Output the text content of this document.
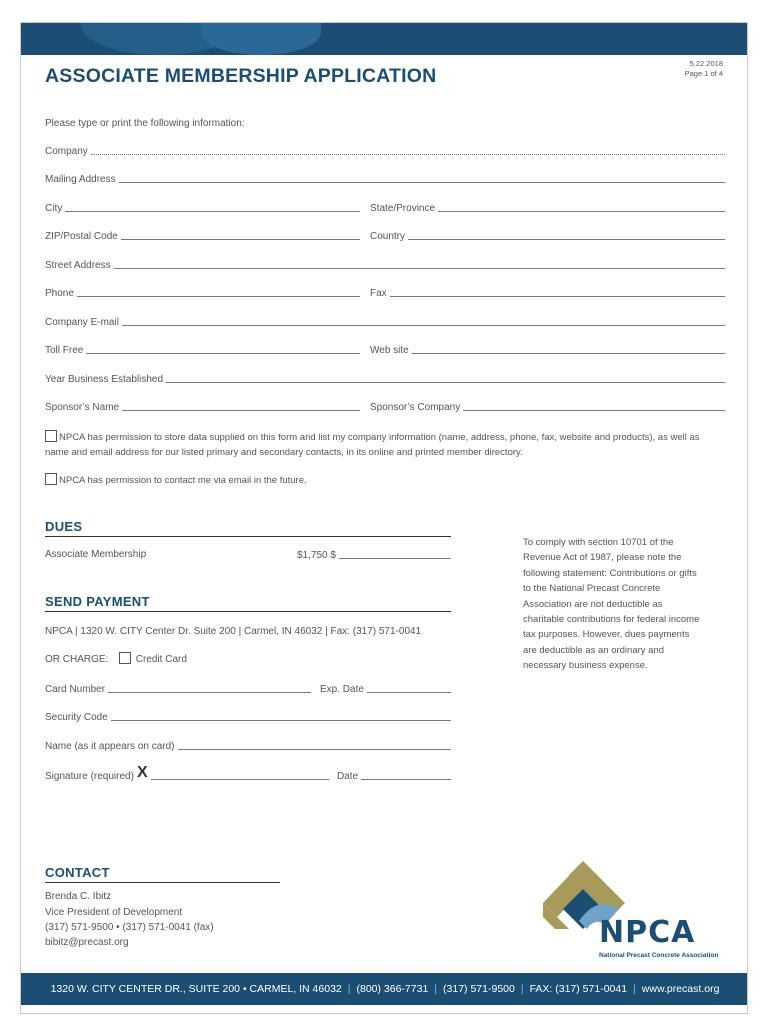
ASSOCIATE MEMBERSHIP APPLICATION
5.22.2018
Page 1 of 4
Please type or print the following information:
Company
Mailing Address
City	State/Province
ZIP/Postal Code	Country
Street Address
Phone	Fax
Company E-mail
Toll Free	Web site
Year Business Established
Sponsor’s Name	Sponsor’s Company
NPCA has permission to store data supplied on this form and list my company information (name, address, phone, fax, website and products), as well as name and email address for our listed primary and secondary contacts, in its online and printed member directory.
NPCA has permission to contact me via email in the future.
DUES
Associate Membership	$1,750 $
To comply with section 10701 of the Revenue Act of 1987, please note the following statement: Contributions or gifts to the National Precast Concrete Association are not deductible as charitable contributions for federal income tax purposes. However, dues payments are deductible as an ordinary and necessary business expense.
SEND PAYMENT
NPCA | 1320 W. CITY Center Dr. Suite 200 | Carmel, IN 46032 | Fax: (317) 571-0041
OR CHARGE:	Credit Card
Card Number	Exp. Date
Security Code
Name (as it appears on card)
Signature (required) X	Date
CONTACT
Brenda C. Ibitz
Vice President of Development
(317) 571-9500 • (317) 571-0041 (fax)
bibitz@precast.org	NPCA
National Precast Concrete Association
1320 W. CITY CENTER DR., SUITE 200 • CARMEL, IN 46032 | (800) 366-7731 | (317) 571-9500 | FAX: (317) 571-0041 | www.precast.org
